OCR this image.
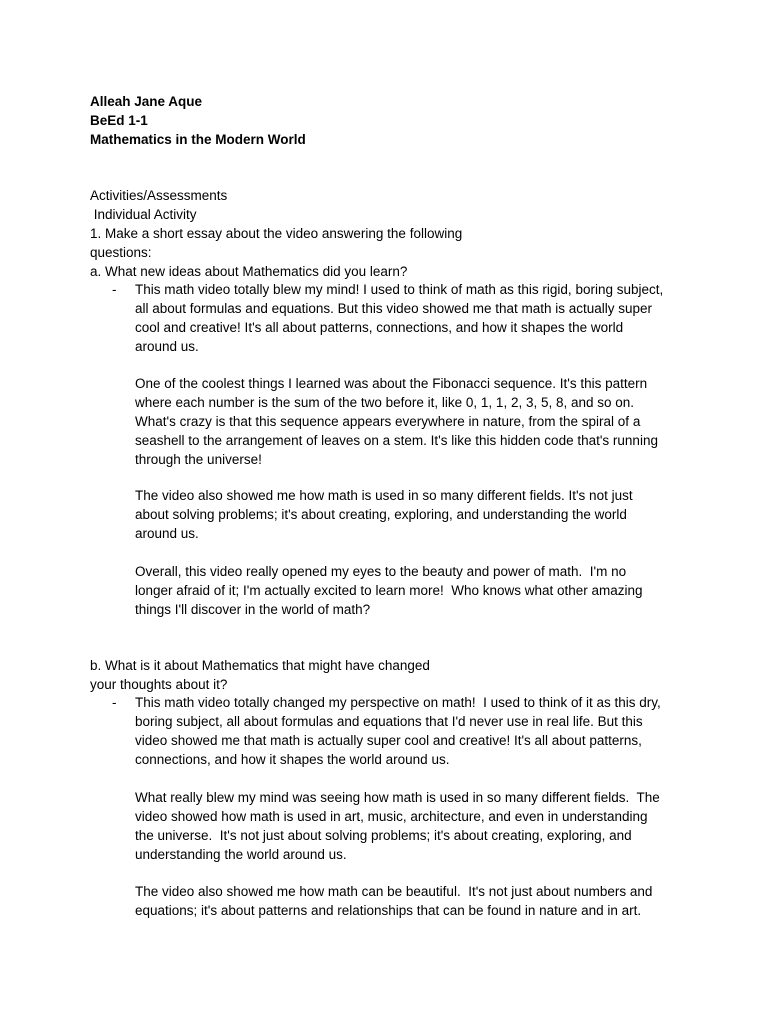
Alleah Jane Aque
BeEd 1-1
Mathematics in the Modern World
Activities/Assessments
Individual Activity
1. Make a short essay about the video answering the following
questions:
a. What new ideas about Mathematics did you learn?
- This math video totally blew my mind! I used to think of math as this rigid, boring subject,
all about formulas and equations. But this video showed me that math is actually super
cool and creative! It's all about patterns, connections, and how it shapes the world
around us.
One of the coolest things I learned was about the Fibonacci sequence. It's this pattern
where each number is the sum of the two before it, like 0, 1, 1, 2, 3, 5, 8, and so on.
What's crazy is that this sequence appears everywhere in nature, from the spiral of a
seashell to the arrangement of leaves on a stem. It's like this hidden code that's running
through the universe!
The video also showed me how math is used in so many different fields. It's not just
about solving problems; it's about creating, exploring, and understanding the world
around us.
Overall, this video really opened my eyes to the beauty and power of math.  I'm no
longer afraid of it; I'm actually excited to learn more!  Who knows what other amazing
things I'll discover in the world of math?
b. What is it about Mathematics that might have changed
your thoughts about it?
- This math video totally changed my perspective on math!  I used to think of it as this dry,
boring subject, all about formulas and equations that I'd never use in real life. But this
video showed me that math is actually super cool and creative! It's all about patterns,
connections, and how it shapes the world around us.
What really blew my mind was seeing how math is used in so many different fields.  The
video showed how math is used in art, music, architecture, and even in understanding
the universe.  It's not just about solving problems; it's about creating, exploring, and
understanding the world around us.
The video also showed me how math can be beautiful.  It's not just about numbers and
equations; it's about patterns and relationships that can be found in nature and in art.
